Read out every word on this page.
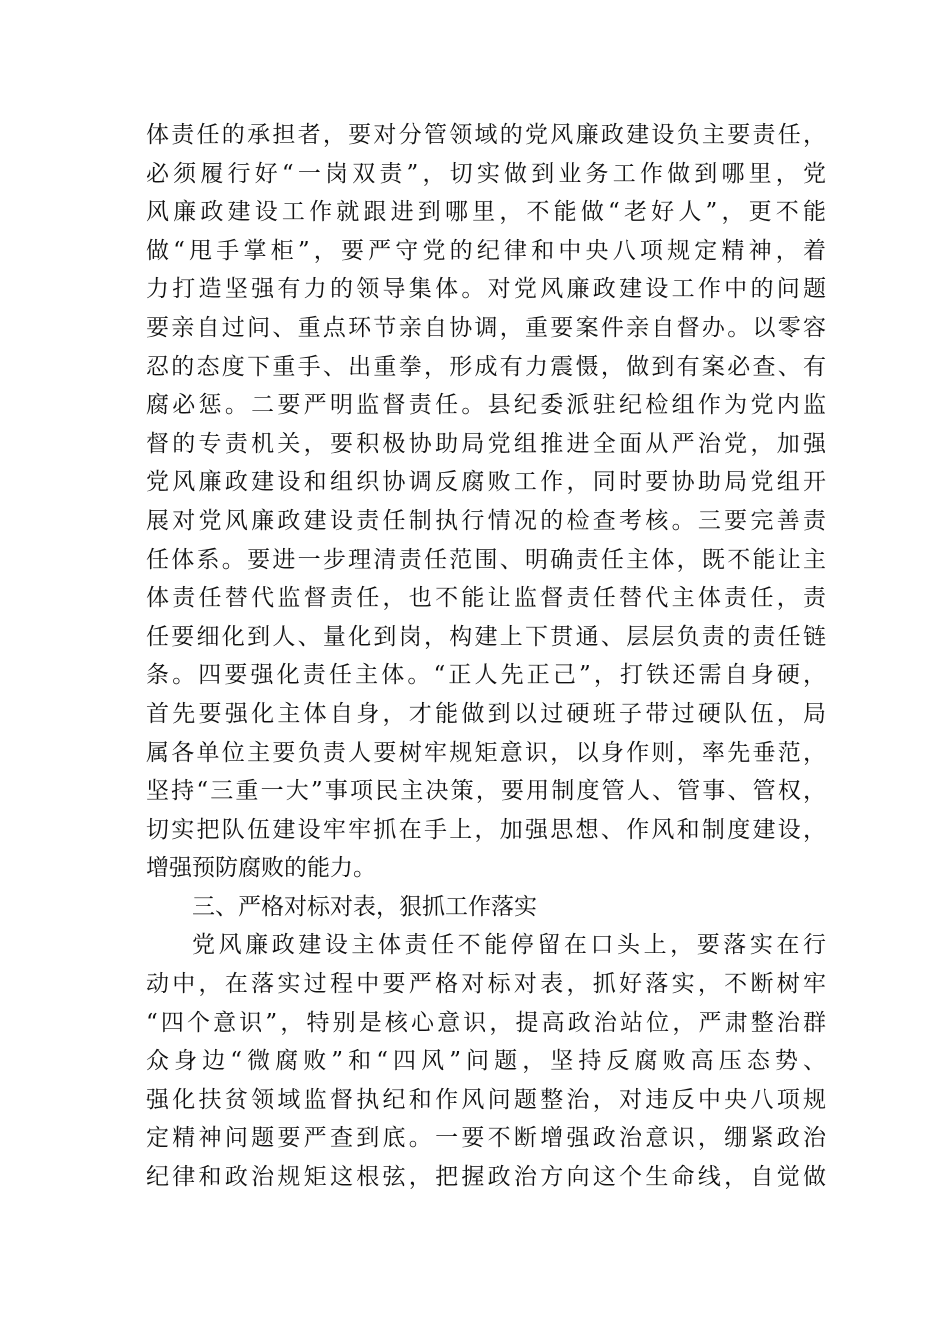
体责任的承担者，要对分管领域的党风廉政建设负主要责任，
必须履行好“一岗双责”，切实做到业务工作做到哪里，党
风廉政建设工作就跟进到哪里，不能做“老好人”，更不能
做“甩手掌柜”，要严守党的纪律和中央八项规定精神，着
力打造坚强有力的领导集体。对党风廉政建设工作中的问题
要亲自过问、重点环节亲自协调，重要案件亲自督办。以零容
忍的态度下重手、出重拳，形成有力震慑，做到有案必查、有
腐必惩。二要严明监督责任。县纪委派驻纪检组作为党内监
督的专责机关，要积极协助局党组推进全面从严治党，加强
党风廉政建设和组织协调反腐败工作，同时要协助局党组开
展对党风廉政建设责任制执行情况的检查考核。三要完善责
任体系。要进一步理清责任范围、明确责任主体，既不能让主
体责任替代监督责任，也不能让监督责任替代主体责任，责
任要细化到人、量化到岗，构建上下贯通、层层负责的责任链
条。四要强化责任主体。“正人先正己”，打铁还需自身硬，
首先要强化主体自身，才能做到以过硬班子带过硬队伍，局
属各单位主要负责人要树牢规矩意识，以身作则，率先垂范，
坚持“三重一大”事项民主决策，要用制度管人、管事、管权，
切实把队伍建设牢牢抓在手上，加强思想、作风和制度建设，
增强预防腐败的能力。
三、严格对标对表，狠抓工作落实
党风廉政建设主体责任不能停留在口头上，要落实在行
动中，在落实过程中要严格对标对表，抓好落实，不断树牢
“四个意识”，特别是核心意识，提高政治站位，严肃整治群
众身边“微腐败”和“四风”问题，坚持反腐败高压态势、
强化扶贫领域监督执纪和作风问题整治，对违反中央八项规
定精神问题要严查到底。一要不断增强政治意识，绷紧政治
纪律和政治规矩这根弦，把握政治方向这个生命线，自觉做
